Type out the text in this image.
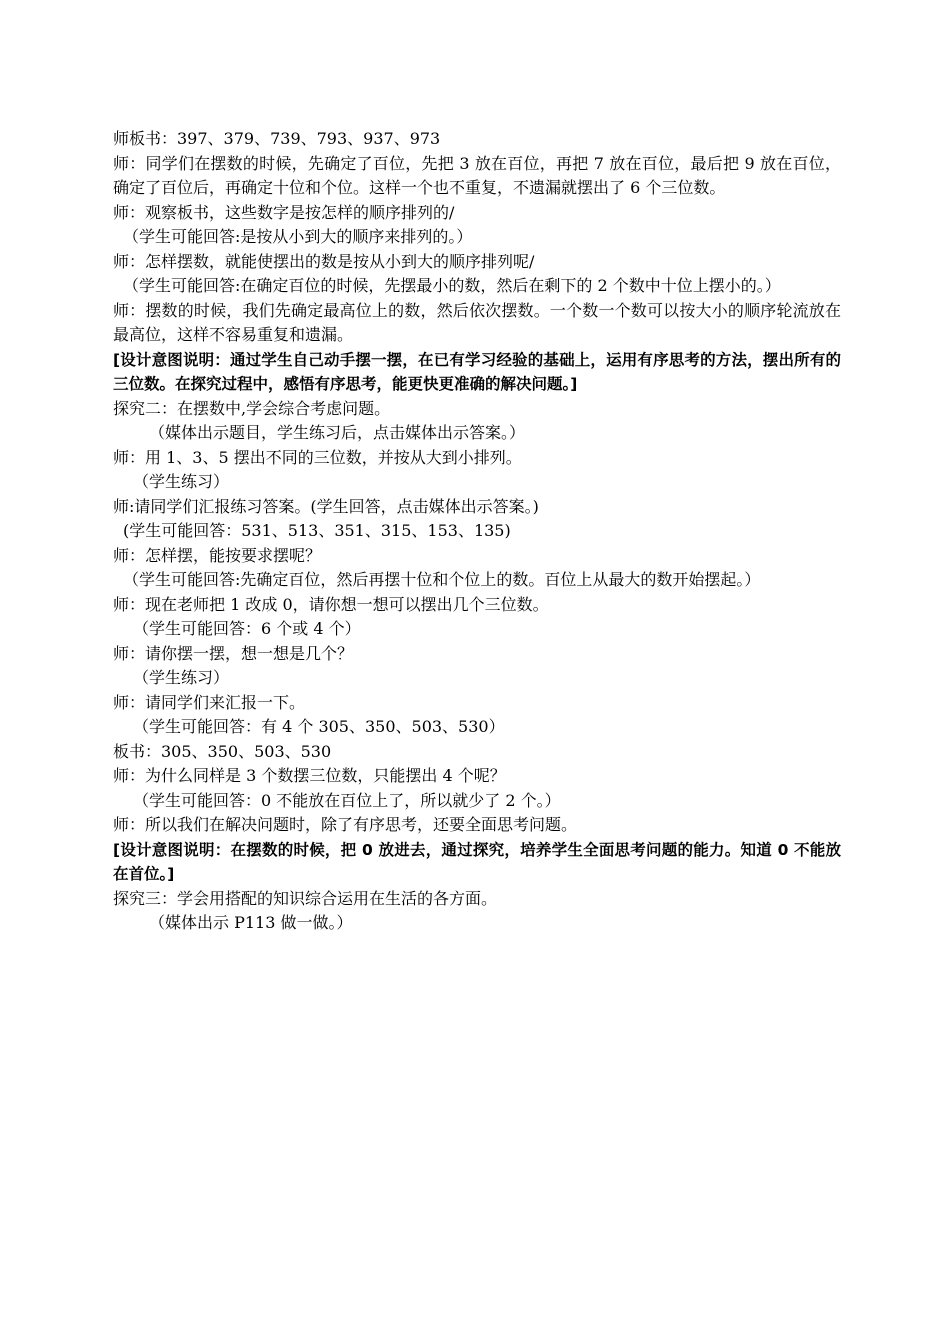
师板书：397、379、739、793、937、973
师：同学们在摆数的时候，先确定了百位，先把 3 放在百位，再把 7 放在百位，最后把 9 放在百位，确定了百位后，再确定十位和个位。这样一个也不重复，不遗漏就摆出了 6 个三位数。
师：观察板书，这些数字是按怎样的顺序排列的/
（学生可能回答:是按从小到大的顺序来排列的。）
师：怎样摆数，就能使摆出的数是按从小到大的顺序排列呢/
（学生可能回答:在确定百位的时候，先摆最小的数，然后在剩下的 2 个数中十位上摆小的。）
师：摆数的时候，我们先确定最高位上的数，然后依次摆数。一个数一个数可以按大小的顺序轮流放在最高位，这样不容易重复和遗漏。
[设计意图说明：通过学生自己动手摆一摆，在已有学习经验的基础上，运用有序思考的方法，摆出所有的三位数。在探究过程中，感悟有序思考，能更快更准确的解决问题。]
探究二：在摆数中,学会综合考虑问题。
（媒体出示题目，学生练习后，点击媒体出示答案。）
师：用 1、3、5 摆出不同的三位数，并按从大到小排列。
（学生练习）
师:请同学们汇报练习答案。(学生回答，点击媒体出示答案。)
(学生可能回答：531、513、351、315、153、135)
师：怎样摆，能按要求摆呢？
（学生可能回答:先确定百位，然后再摆十位和个位上的数。百位上从最大的数开始摆起。）
师：现在老师把 1 改成 0，请你想一想可以摆出几个三位数。
（学生可能回答：6 个或 4 个）
师：请你摆一摆，想一想是几个？
（学生练习）
师：请同学们来汇报一下。
（学生可能回答：有 4 个 305、350、503、530）
板书：305、350、503、530
师：为什么同样是 3 个数摆三位数，只能摆出 4 个呢？
（学生可能回答：0 不能放在百位上了，所以就少了 2 个。）
师：所以我们在解决问题时，除了有序思考，还要全面思考问题。
[设计意图说明：在摆数的时候，把 0 放进去，通过探究，培养学生全面思考问题的能力。知道 0 不能放在首位。]
探究三：学会用搭配的知识综合运用在生活的各方面。
（媒体出示 P113 做一做。）
